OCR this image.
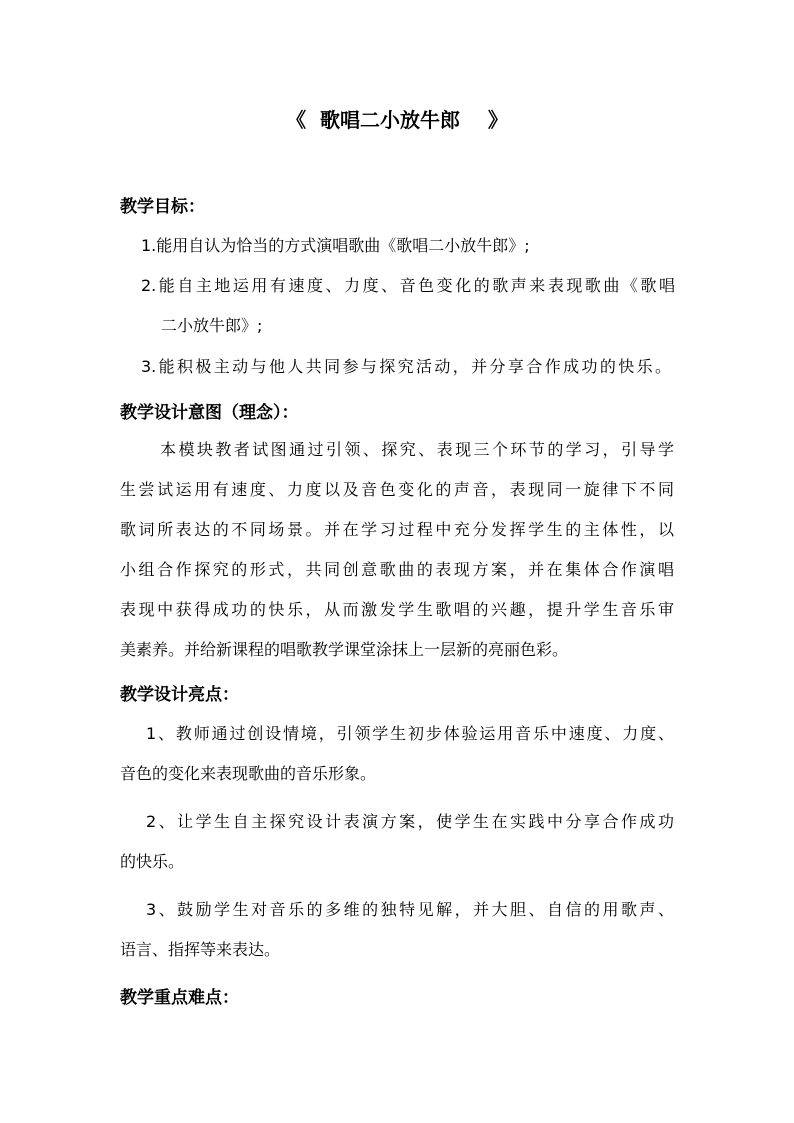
《  歌唱二小放牛郎    》
教学目标：
1.能用自认为恰当的方式演唱歌曲《歌唱二小放牛郎》;
2.能自主地运用有速度、力度、音色变化的歌声来表现歌曲《歌唱
二小放牛郎》;
3.能积极主动与他人共同参与探究活动，并分享合作成功的快乐。
教学设计意图（理念）：
本模块教者试图通过引领、探究、表现三个环节的学习，引导学
生尝试运用有速度、力度以及音色变化的声音，表现同一旋律下不同
歌词所表达的不同场景。并在学习过程中充分发挥学生的主体性，以
小组合作探究的形式，共同创意歌曲的表现方案，并在集体合作演唱
表现中获得成功的快乐，从而激发学生歌唱的兴趣，提升学生音乐审
美素养。并给新课程的唱歌教学课堂涂抹上一层新的亮丽色彩。
教学设计亮点：
1、教师通过创设情境，引领学生初步体验运用音乐中速度、力度、
音色的变化来表现歌曲的音乐形象。
2、让学生自主探究设计表演方案，使学生在实践中分享合作成功
的快乐。
3、鼓励学生对音乐的多维的独特见解，并大胆、自信的用歌声、
语言、指挥等来表达。
教学重点难点：
